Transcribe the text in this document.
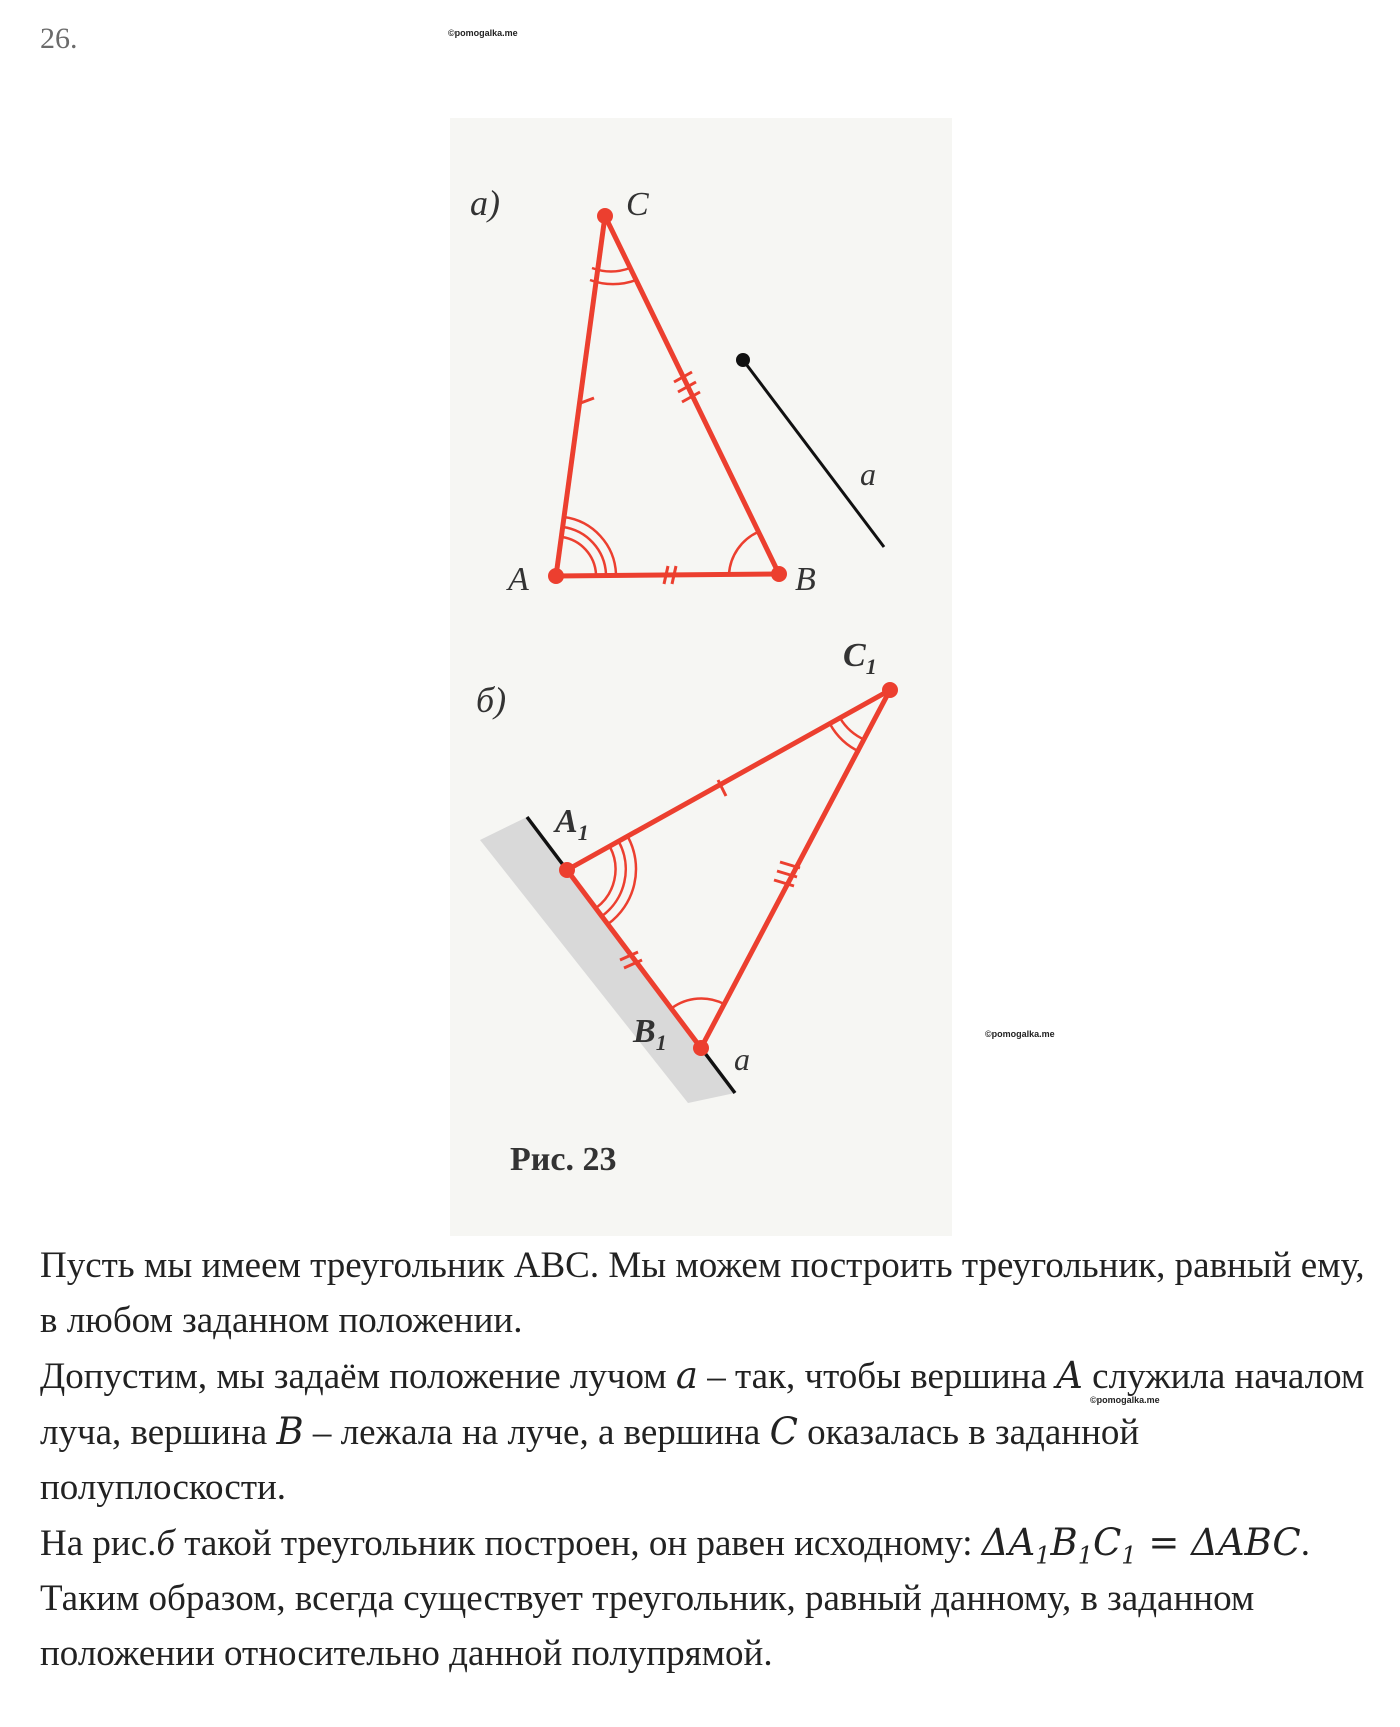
26.	©pomogalka.me
©pomogalka.me
©pomogalka.me
а)
a
A	B
C
б)
a
$A_1$
$B_1$
$C_1$
Рис. 23

Пусть мы имеем треугольник ABC. Мы можем построить треугольник, равный ему, в любом заданном положении.

Допустим, мы задаём положение лучом a – так, чтобы вершина A служила началом луча, вершина B – лежала на луче, а вершина C оказалась в заданной полуплоскости.

На рис.б такой треугольник построен, он равен исходному: $\Delta A_1B_1C_1 = \Delta ABC$.

Таким образом, всегда существует треугольник, равный данному, в заданном положении относительно данной полупрямой.
